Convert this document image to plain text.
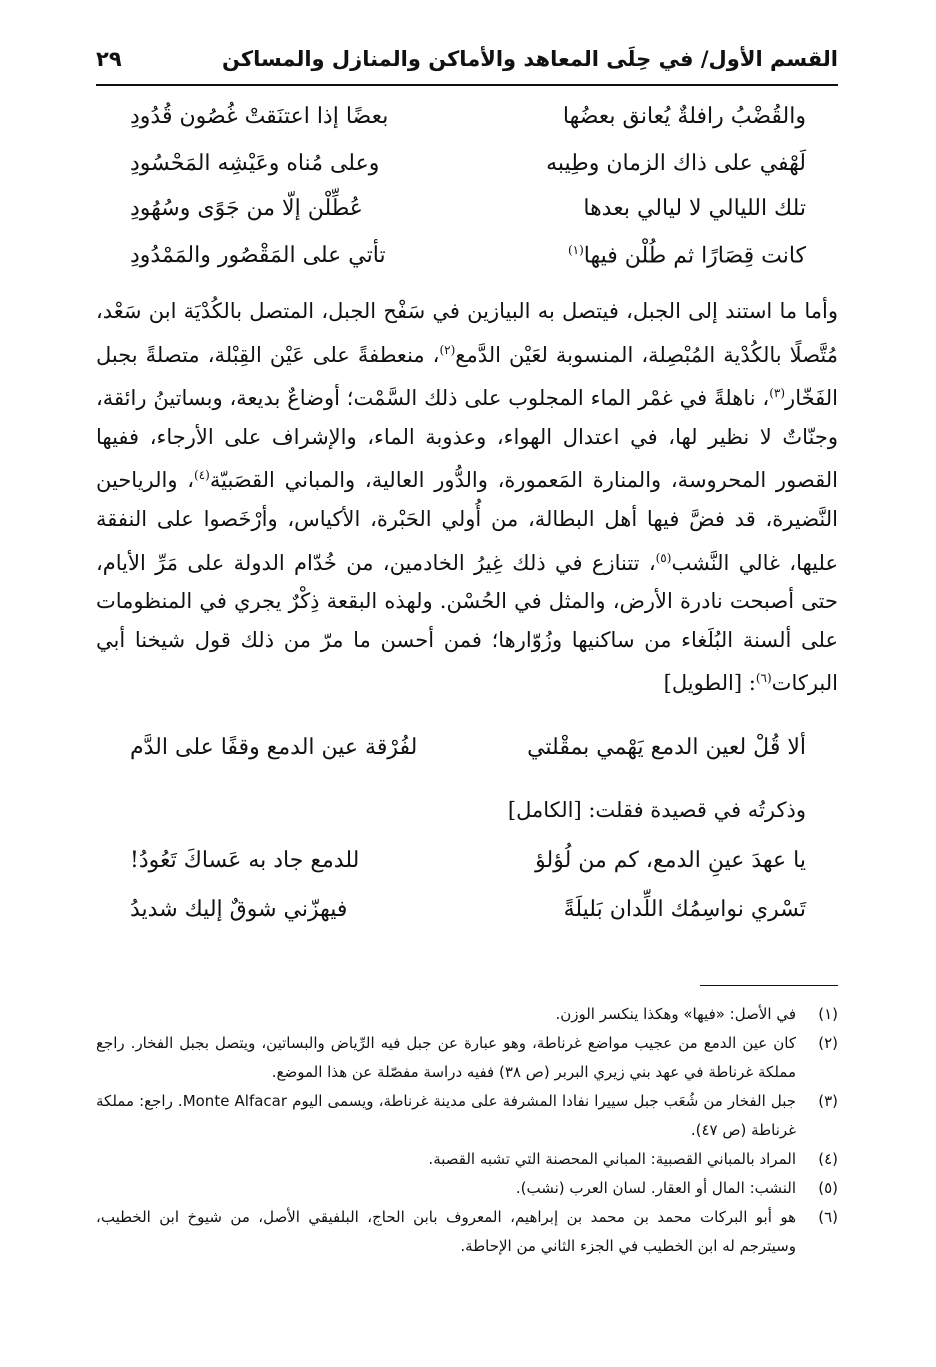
القسم الأول/ في حِلَى المعاهد والأماكن والمنازل والمساكن
٢٩
والقُضْبُ رافلةٌ يُعانق بعضُها
بعضًا إذا اعتنَقتْ غُصُون قُدُودِ
لَهْفي على ذاك الزمان وطِيبه
وعلى مُناه وعَيْشِه المَحْسُودِ
تلك الليالي لا ليالي بعدها
عُطِّلْن إلّا من جَوًى وسُهُودِ
كانت قِصَارًا ثم طُلْن فيها$^{(١)}$
تأتي على المَقْصُور والمَمْدُودِ

وأما ما استند إلى الجبل، فيتصل به البيازين في سَفْح الجبل، المتصل بالكُدْيَة ابن سَعْد، مُتَّصلًا بالكُدْية المُبْصِلة، المنسوبة لعَيْن الدَّمع$^{(٢)}$، منعطفةً على عَيْن القِبْلة، متصلةً بجبل الفَخّار$^{(٣)}$، ناهلةً في غمْر الماء المجلوب على ذلك السَّمْت؛ أوضاعٌ بديعة، وبساتينُ رائقة، وجنّاتٌ لا نظير لها، في اعتدال الهواء، وعذوبة الماء، والإشراف على الأرجاء، ففيها القصور المحروسة، والمنارة المَعمورة، والدُّور العالية، والمباني القصَبيّة$^{(٤)}$، والرياحين النَّضيرة، قد فضَّ فيها أهل البطالة، من أُولي الحَبْرة، الأكياس، وأرْخَصوا على النفقة عليها، غالي النَّشب$^{(٥)}$، تتنازع في ذلك غِيرُ الخادمين، من خُدّام الدولة على مَرِّ الأيام، حتى أصبحت نادرة الأرض، والمثل في الحُسْن. ولهذه البقعة ذِكْرٌ يجري في المنظومات على ألسنة البُلَغاء من ساكنيها وزُوّارها؛ فمن أحسن ما مرّ من ذلك قول شيخنا أبي البركات$^{(٦)}$: [الطويل]

ألا قُلْ لعين الدمع يَهْمي بمقْلتي
لفُرْقة عين الدمع وقفًا على الدَّم
وذكرتُه في قصيدة فقلت: [الكامل]
يا عهدَ عينِ الدمع، كم من لُؤلؤ
للدمع جاد به عَساكَ تَعُودُ!
تَسْري نواسِمُك اللِّدان بَليلَةً
فيهزّني شوقٌ إليك شديدُ
(١)
في الأصل: «فيها» وهكذا ينكسر الوزن.
(٢)
كان عين الدمع من عجيب مواضع غرناطة، وهو عبارة عن جبل فيه الرِّياض والبساتين، ويتصل بجبل الفخار. راجع مملكة غرناطة في عهد بني زيري البربر (ص ٣٨) ففيه دراسة مفصّلة عن هذا الموضع.
(٣)
جبل الفخار من شُعَب جبل سييرا نفادا المشرفة على مدينة غرناطة، ويسمى اليوم Monte Alfacar. راجع: مملكة غرناطة (ص ٤٧).
(٤)
المراد بالمباني القصبية: المباني المحصنة التي تشبه القصبة.
(٥)
النشب: المال أو العقار. لسان العرب (نشب).
(٦)
هو أبو البركات محمد بن محمد بن إبراهيم، المعروف بابن الحاج، البلفيقي الأصل، من شيوخ ابن الخطيب، وسيترجم له ابن الخطيب في الجزء الثاني من الإحاطة.
